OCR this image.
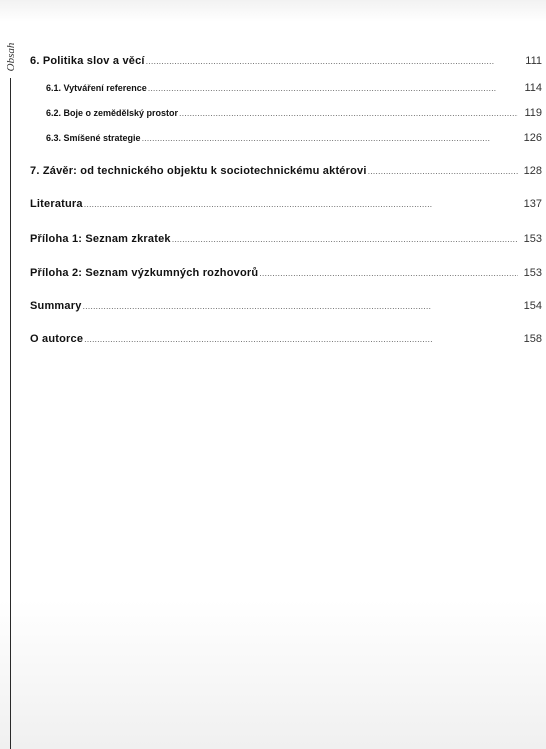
Obsah 6. Politika slov a věcí . . .	111
6.1. Vytváření reference . . .	114
6.2. Boje o zemědělský prostor . . .	119
6.3. Smíšené strategie . . .	126
7. Závěr: od technického objektu k sociotechnickému aktérovi . . .	128
Literatura . . .	137
Příloha 1: Seznam zkratek . . .	153
Příloha 2: Seznam výzkumných rozhovorů . . .	153
Summary . . .	154
O autorce . . .	158
